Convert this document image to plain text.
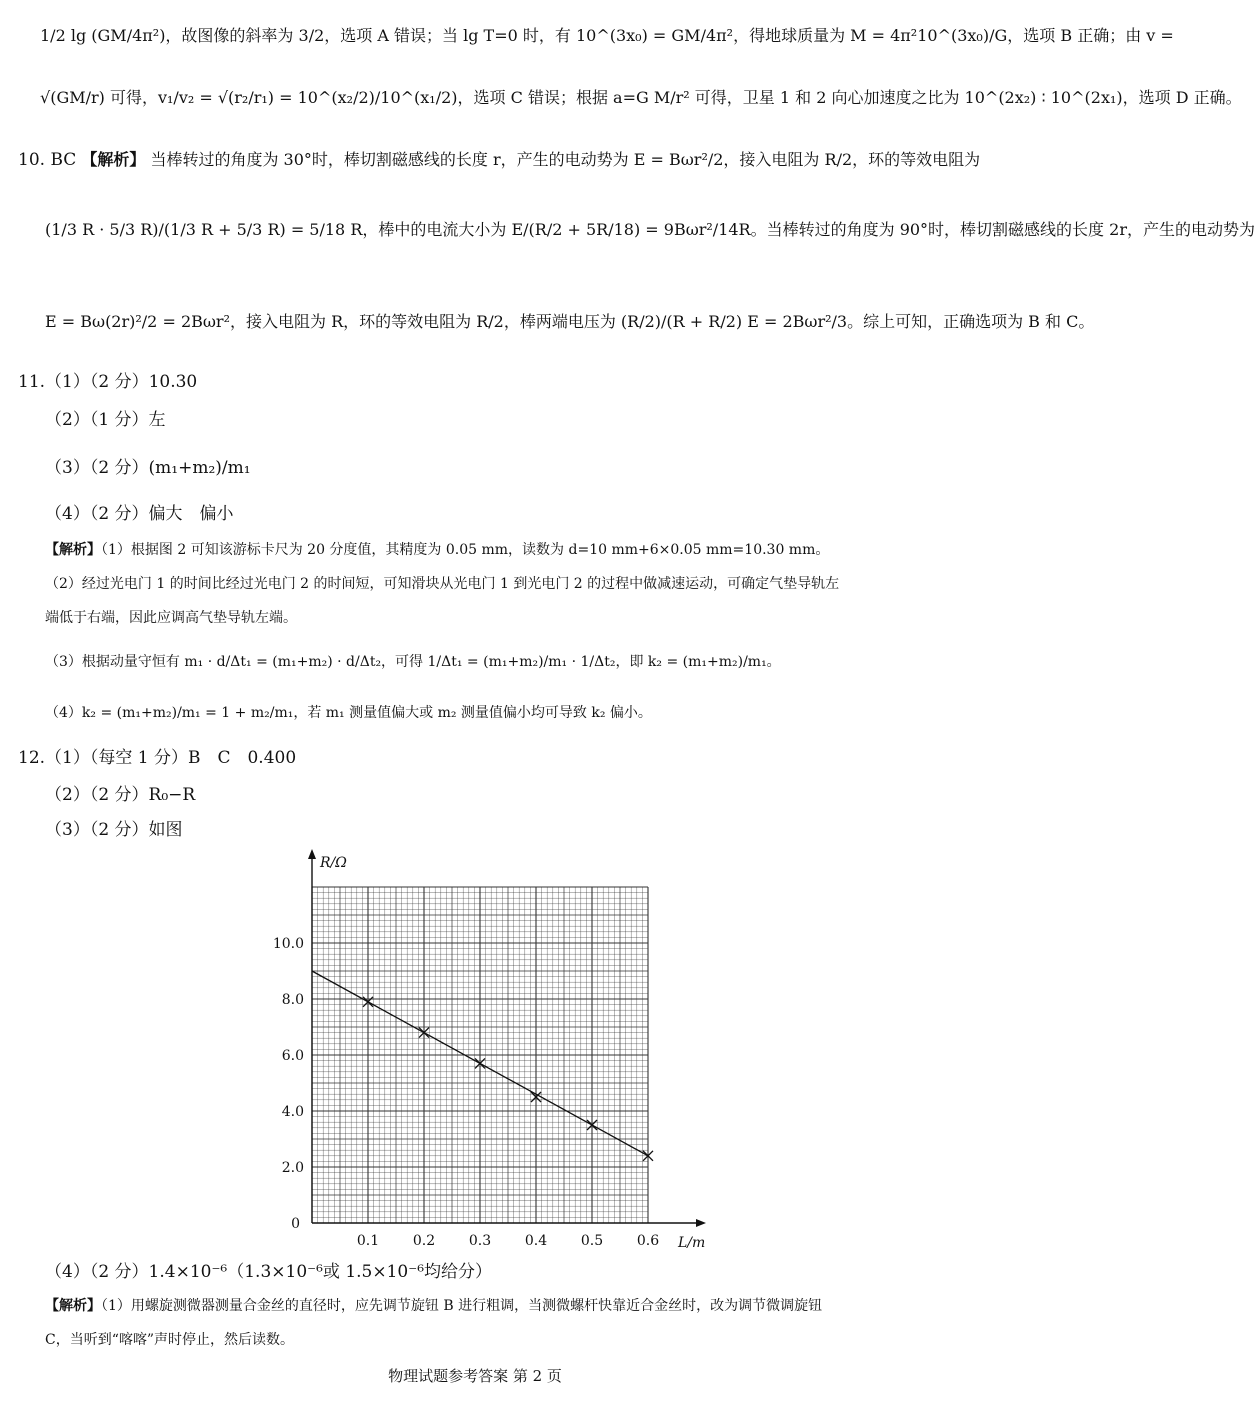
1/2 lg (GM/4π²)，故图像的斜率为 3/2，选项 A 错误；当 lg T=0 时，有 10^(3x₀) = GM/4π²，得地球质量为 M = 4π²10^(3x₀)/G，选项 B 正确；由 v =
√(GM/r) 可得，v₁/v₂ = √(r₂/r₁) = 10^(x₂/2)/10^(x₁/2)，选项 C 错误；根据 a=G M/r² 可得，卫星 1 和 2 向心加速度之比为 10^(2x₂) ∶ 10^(2x₁)，选项 D 正确。
10. BC 【解析】 当棒转过的角度为 30°时，棒切割磁感线的长度 r，产生的电动势为 E = Bωr²/2，接入电阻为 R/2，环的等效电阻为
(1/3 R · 5/3 R)/(1/3 R + 5/3 R) = 5/18 R，棒中的电流大小为 E/(R/2 + 5R/18) = 9Bωr²/14R。当棒转过的角度为 90°时，棒切割磁感线的长度 2r，产生的电动势为
E = Bω(2r)²/2 = 2Bωr²，接入电阻为 R，环的等效电阻为 R/2，棒两端电压为 (R/2)/(R + R/2) E = 2Bωr²/3。综上可知，正确选项为 B 和 C。
11.（1）（2 分）10.30
（2）（1 分）左
（3）（2 分）(m₁+m₂)/m₁
（4）（2 分）偏大　偏小
【解析】（1）根据图 2 可知该游标卡尺为 20 分度值，其精度为 0.05 mm，读数为 d=10 mm+6×0.05 mm=10.30 mm。
（2）经过光电门 1 的时间比经过光电门 2 的时间短，可知滑块从光电门 1 到光电门 2 的过程中做减速运动，可确定气垫导轨左
端低于右端，因此应调高气垫导轨左端。
（3）根据动量守恒有 m₁ · d/Δt₁ = (m₁+m₂) · d/Δt₂，可得 1/Δt₁ = (m₁+m₂)/m₁ · 1/Δt₂，即 k₂ = (m₁+m₂)/m₁。
（4）k₂ = (m₁+m₂)/m₁ = 1 + m₂/m₁，若 m₁ 测量值偏大或 m₂ 测量值偏小均可导致 k₂ 偏小。
12.（1）（每空 1 分）B　C　0.400
（2）（2 分）R₀−R
（3）（2 分）如图
L/m
R/Ω
0
0.1 0.2 0.3 0.4 0.5 0.6
2.0
4.0
6.0
8.0
10.0
（4）（2 分）1.4×10⁻⁶（1.3×10⁻⁶或 1.5×10⁻⁶均给分）
【解析】（1）用螺旋测微器测量合金丝的直径时，应先调节旋钮 B 进行粗调，当测微螺杆快靠近合金丝时，改为调节微调旋钮
C，当听到“喀喀”声时停止，然后读数。
物理试题参考答案 第 2 页
